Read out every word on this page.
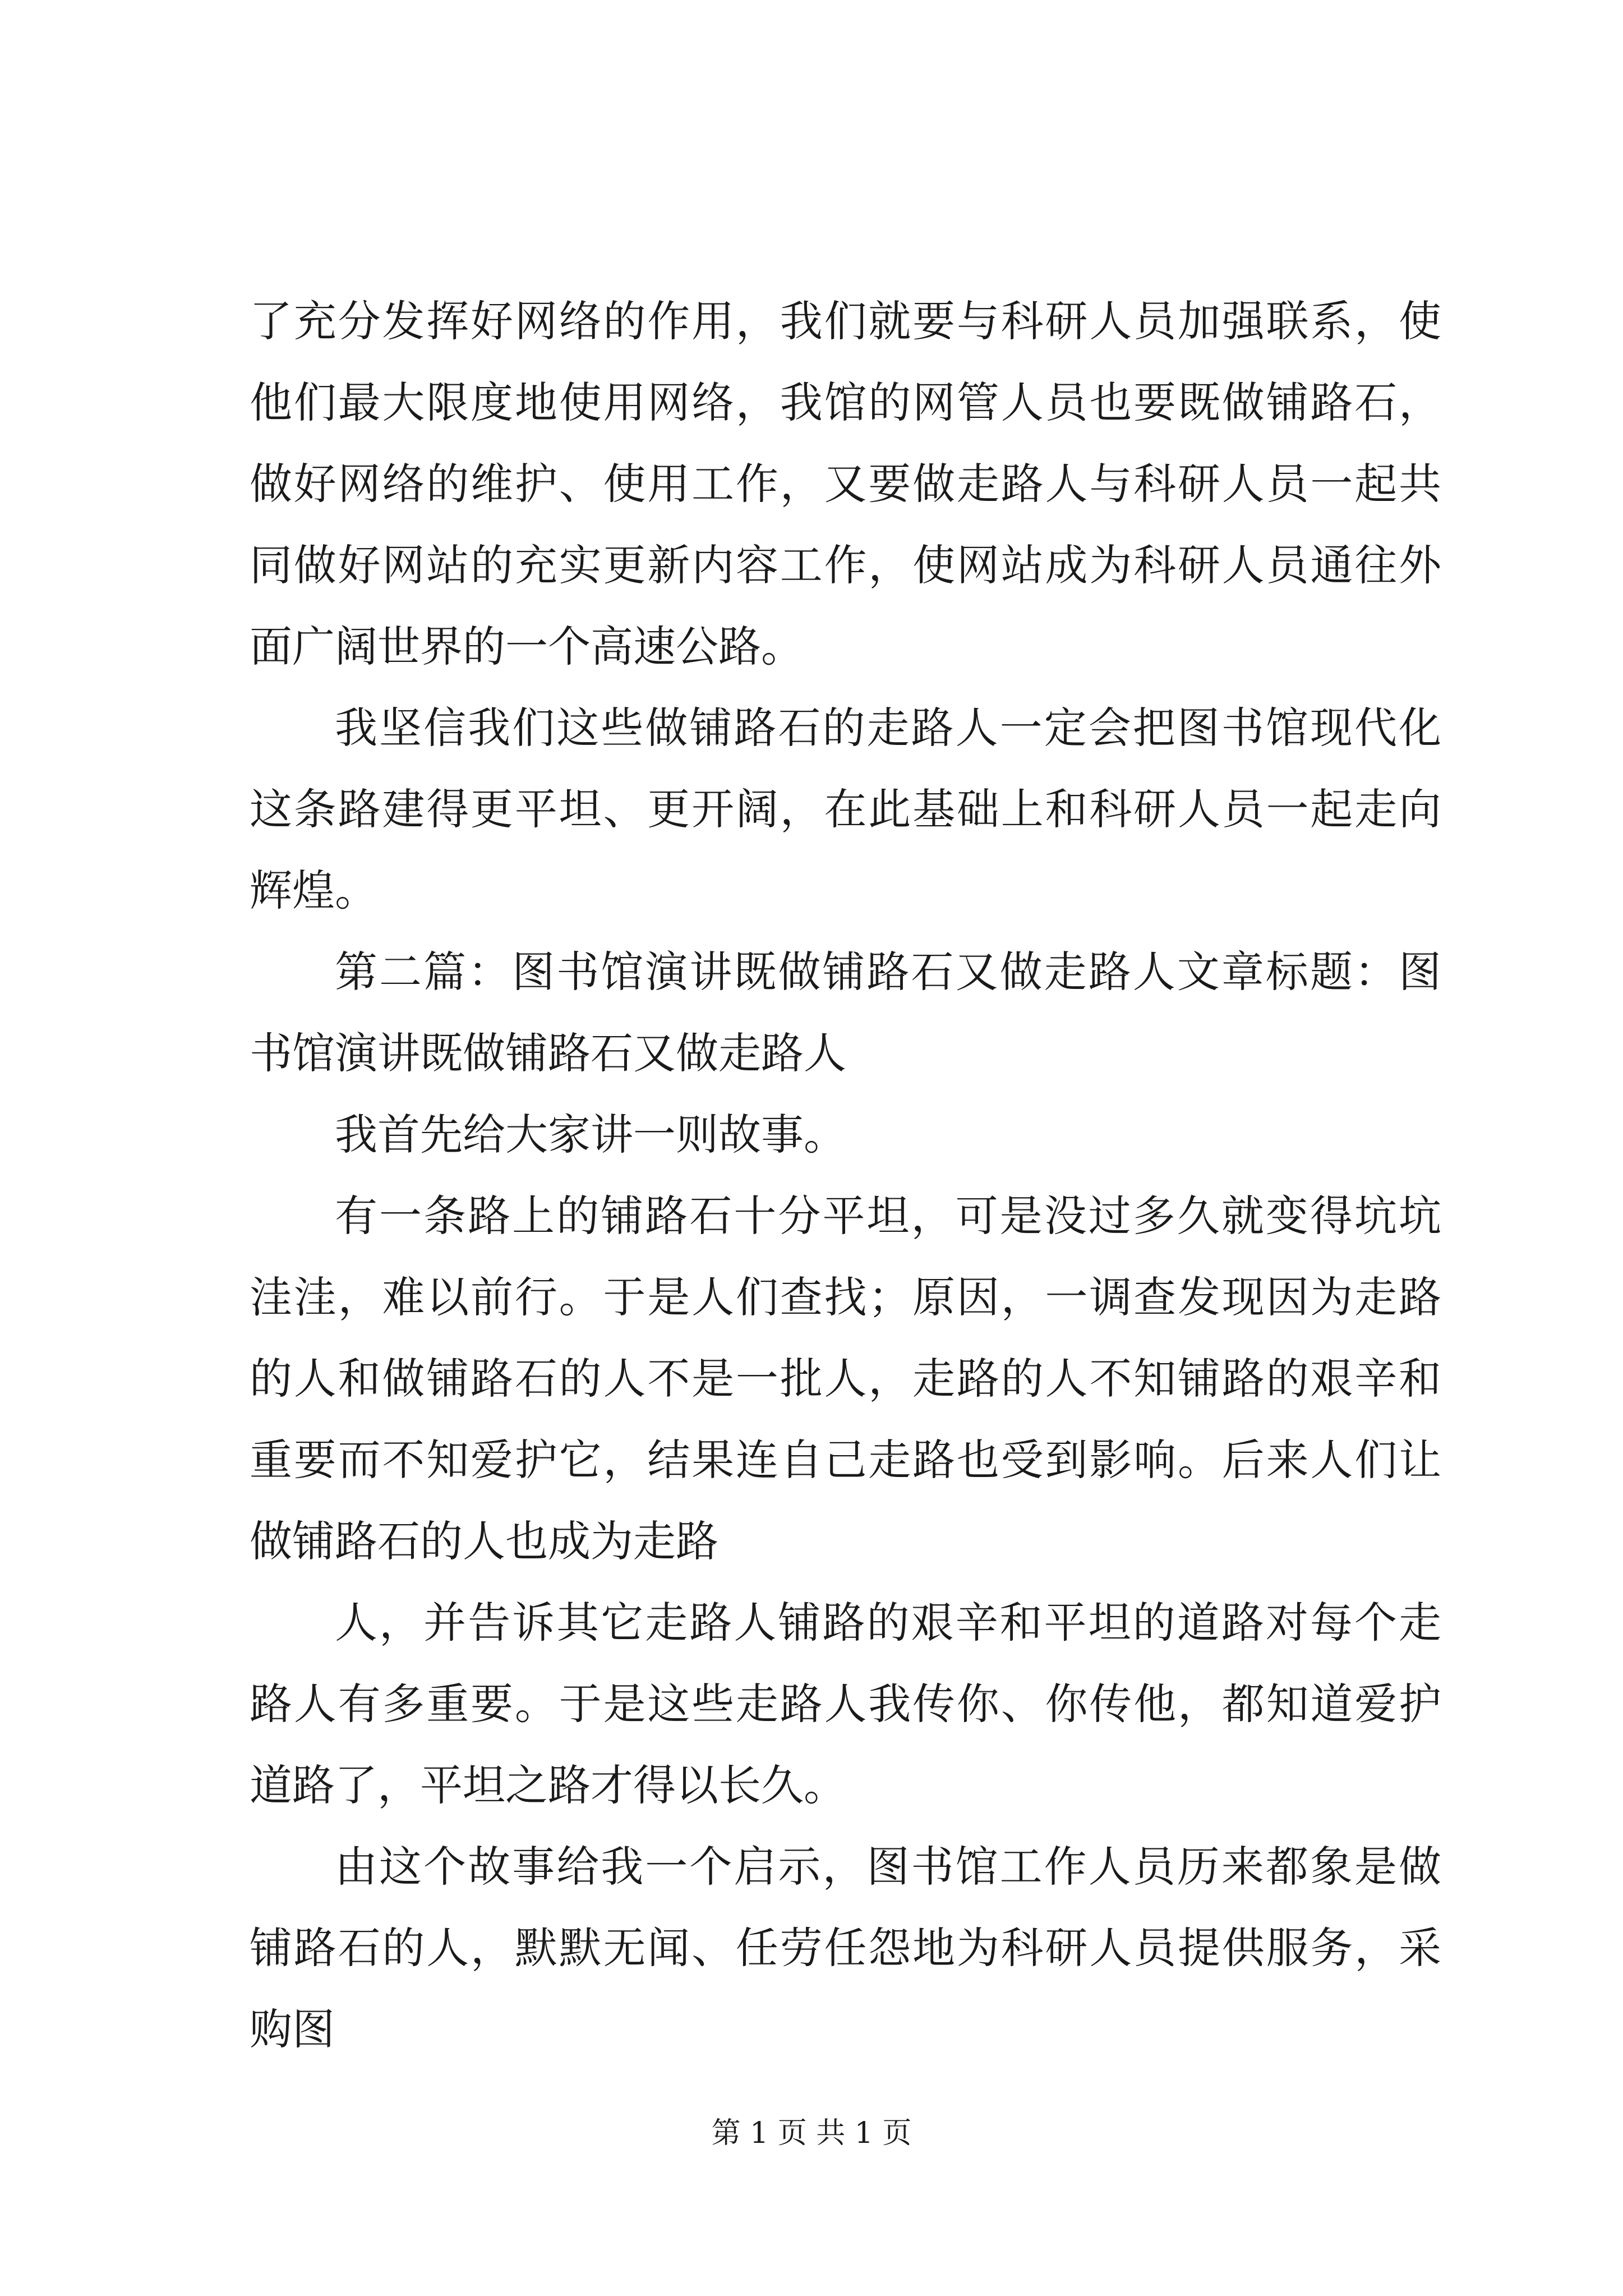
了充分发挥好网络的作用，我们就要与科研人员加强联系，使他们最大限度地使用网络，我馆的网管人员也要既做铺路石，做好网络的维护、使用工作，又要做走路人与科研人员一起共同做好网站的充实更新内容工作，使网站成为科研人员通往外面广阔世界的一个高速公路。

我坚信我们这些做铺路石的走路人一定会把图书馆现代化这条路建得更平坦、更开阔，在此基础上和科研人员一起走向辉煌。

第二篇：图书馆演讲既做铺路石又做走路人文章标题：图书馆演讲既做铺路石又做走路人

我首先给大家讲一则故事。

有一条路上的铺路石十分平坦，可是没过多久就变得坑坑洼洼，难以前行。于是人们查找；原因，一调查发现因为走路的人和做铺路石的人不是一批人，走路的人不知铺路的艰辛和重要而不知爱护它，结果连自己走路也受到影响。后来人们让做铺路石的人也成为走路

人，并告诉其它走路人铺路的艰辛和平坦的道路对每个走路人有多重要。于是这些走路人我传你、你传他，都知道爱护道路了，平坦之路才得以长久。

由这个故事给我一个启示，图书馆工作人员历来都象是做铺路石的人，默默无闻、任劳任怨地为科研人员提供服务，采购图

第 1 页 共 1 页
